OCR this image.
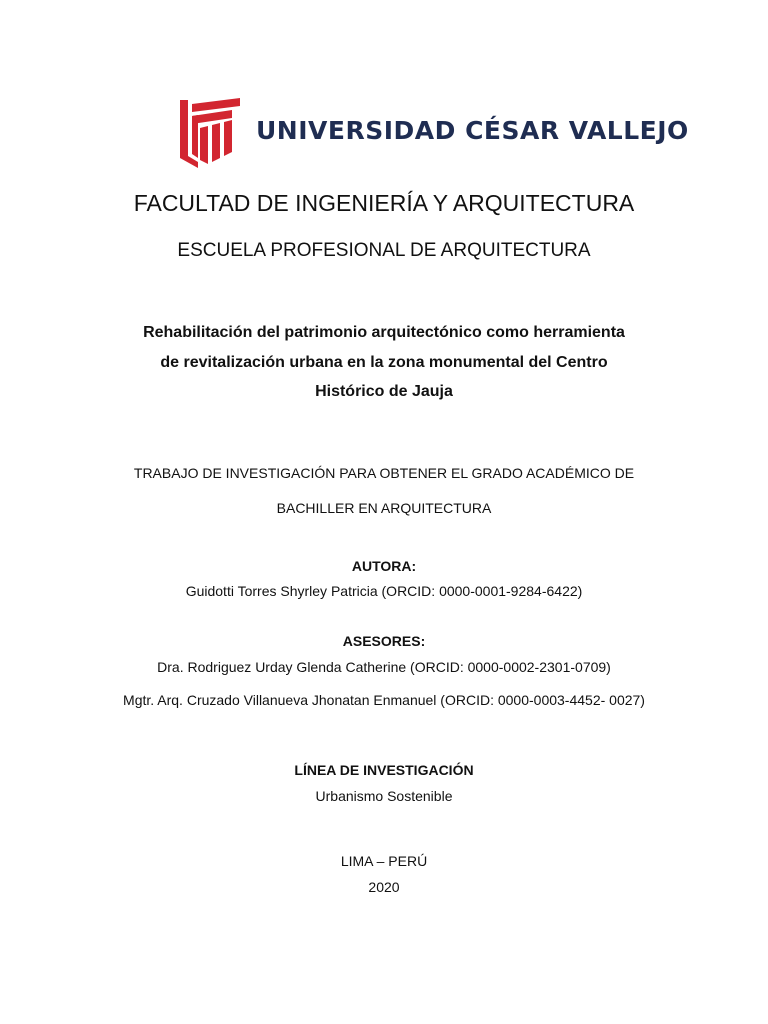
UNIVERSIDAD CÉSAR VALLEJO
FACULTAD DE INGENIERÍA Y ARQUITECTURA
ESCUELA PROFESIONAL DE ARQUITECTURA
Rehabilitación del patrimonio arquitectónico como herramienta
de revitalización urbana en la zona monumental del Centro
Histórico de Jauja
TRABAJO DE INVESTIGACIÓN PARA OBTENER EL GRADO ACADÉMICO DE
BACHILLER EN ARQUITECTURA
AUTORA:
Guidotti Torres Shyrley Patricia (ORCID: 0000-0001-9284-6422)
ASESORES:
Dra. Rodriguez Urday Glenda Catherine (ORCID: 0000-0002-2301-0709)
Mgtr. Arq. Cruzado Villanueva Jhonatan Enmanuel (ORCID: 0000-0003-4452- 0027)
LÍNEA DE INVESTIGACIÓN
Urbanismo Sostenible
LIMA – PERÚ
2020
